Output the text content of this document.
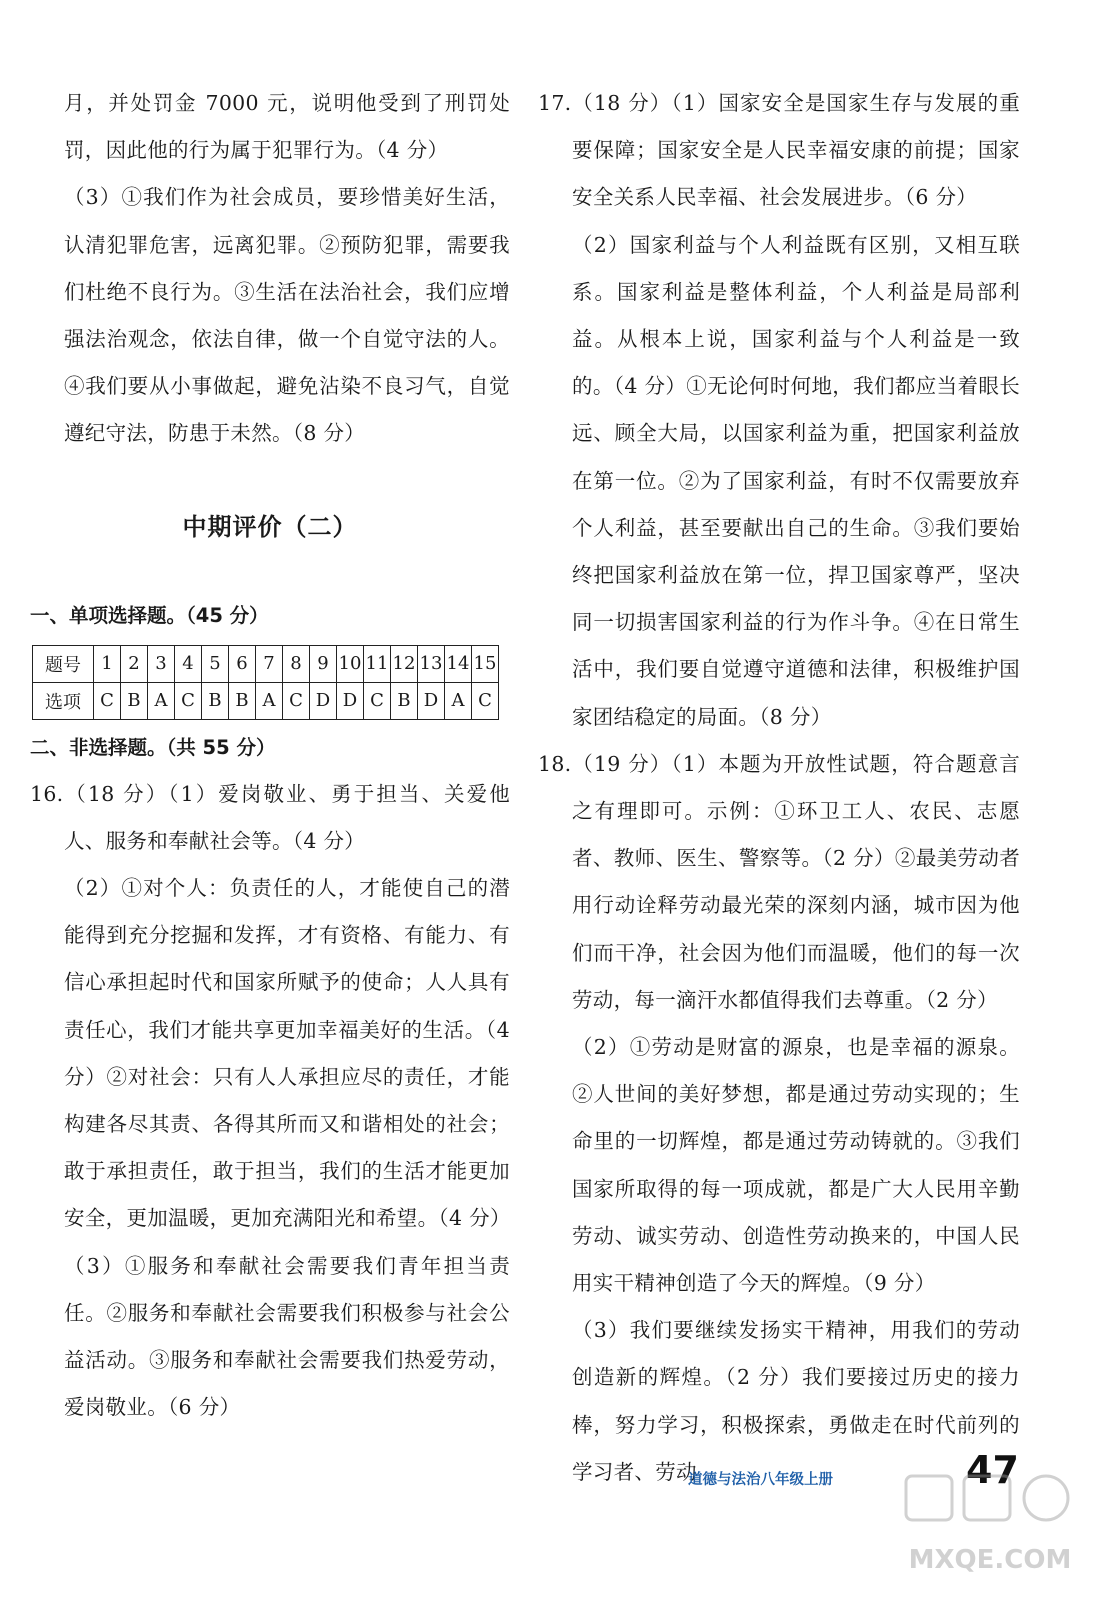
月，并处罚金 7000 元，说明他受到了刑罚处罚，因此他的行为属于犯罪行为。（4 分）

（3）①我们作为社会成员，要珍惜美好生活，认清犯罪危害，远离犯罪。②预防犯罪，需要我们杜绝不良行为。③生活在法治社会，我们应增强法治观念，依法自律，做一个自觉守法的人。④我们要从小事做起，避免沾染不良习气，自觉遵纪守法，防患于未然。（8 分）

中期评价（二）

一、单项选择题。（45 分）

题号	1	2	3	4	5	6	7	8	9	10	11	12	13	14	15
选项	C	B	A	C	B	B	A	C	D	D	C	B	D	A	C

二、非选择题。（共 55 分）

16.（18 分）（1）爱岗敬业、勇于担当、关爱他人、服务和奉献社会等。（4 分）

（2）①对个人：负责任的人，才能使自己的潜能得到充分挖掘和发挥，才有资格、有能力、有信心承担起时代和国家所赋予的使命；人人具有责任心，我们才能共享更加幸福美好的生活。（4 分）②对社会：只有人人承担应尽的责任，才能构建各尽其责、各得其所而又和谐相处的社会；敢于承担责任，敢于担当，我们的生活才能更加安全，更加温暖，更加充满阳光和希望。（4 分）

（3）①服务和奉献社会需要我们青年担当责任。②服务和奉献社会需要我们积极参与社会公益活动。③服务和奉献社会需要我们热爱劳动，爱岗敬业。（6 分）

17.（18 分）（1）国家安全是国家生存与发展的重要保障；国家安全是人民幸福安康的前提；国家安全关系人民幸福、社会发展进步。（6 分）

（2）国家利益与个人利益既有区别，又相互联系。国家利益是整体利益，个人利益是局部利益。从根本上说，国家利益与个人利益是一致的。（4 分）①无论何时何地，我们都应当着眼长远、顾全大局，以国家利益为重，把国家利益放在第一位。②为了国家利益，有时不仅需要放弃个人利益，甚至要献出自己的生命。③我们要始终把国家利益放在第一位，捍卫国家尊严，坚决同一切损害国家利益的行为作斗争。④在日常生活中，我们要自觉遵守道德和法律，积极维护国家团结稳定的局面。（8 分）

18.（19 分）（1）本题为开放性试题，符合题意言之有理即可。示例：①环卫工人、农民、志愿者、教师、医生、警察等。（2 分）②最美劳动者用行动诠释劳动最光荣的深刻内涵，城市因为他们而干净，社会因为他们而温暖，他们的每一次劳动，每一滴汗水都值得我们去尊重。（2 分）

（2）①劳动是财富的源泉，也是幸福的源泉。②人世间的美好梦想，都是通过劳动实现的；生命里的一切辉煌，都是通过劳动铸就的。③我们国家所取得的每一项成就，都是广大人民用辛勤劳动、诚实劳动、创造性劳动换来的，中国人民用实干精神创造了今天的辉煌。（9 分）

（3）我们要继续发扬实干精神，用我们的劳动创造新的辉煌。（2 分）我们要接过历史的接力棒，努力学习，积极探索，勇做走在时代前列的学习者、劳动

道德与法治八年级上册	47
MXQE.COM
